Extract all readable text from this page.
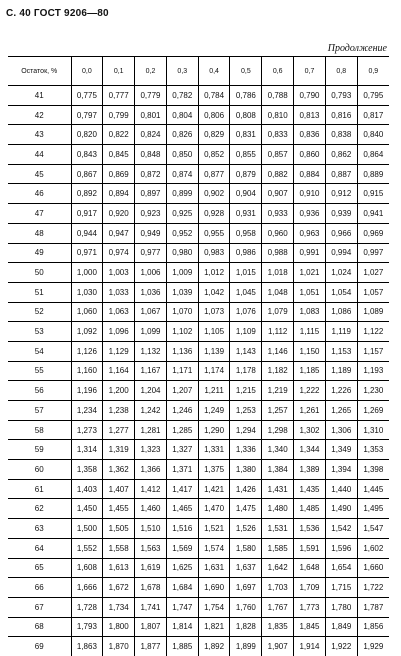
С. 40 ГОСТ 9206—80
Продолжение
Остаток, %	0,0	0,1	0,2	0,3	0,4	0,5	0,6	0,7	0,8	0,9
41	0,775	0,777	0,779	0,782	0,784	0,786	0,788	0,790	0,793	0,795
42	0,797	0,799	0,801	0,804	0,806	0,808	0,810	0,813	0,816	0,817
43	0,820	0,822	0,824	0,826	0,829	0,831	0,833	0,836	0,838	0,840
44	0,843	0,845	0,848	0,850	0,852	0,855	0,857	0,860	0,862	0,864
45	0,867	0,869	0,872	0,874	0,877	0,879	0,882	0,884	0,887	0,889
46	0,892	0,894	0,897	0,899	0,902	0,904	0,907	0,910	0,912	0,915
47	0,917	0,920	0,923	0,925	0,928	0,931	0,933	0,936	0,939	0,941
48	0,944	0,947	0,949	0,952	0,955	0,958	0,960	0,963	0,966	0,969
49	0,971	0,974	0,977	0,980	0,983	0,986	0,988	0,991	0,994	0,997
50	1,000	1,003	1,006	1,009	1,012	1,015	1,018	1,021	1,024	1,027
51	1,030	1,033	1,036	1,039	1,042	1,045	1,048	1,051	1,054	1,057
52	1,060	1,063	1,067	1,070	1,073	1,076	1,079	1,083	1,086	1,089
53	1,092	1,096	1,099	1,102	1,105	1,109	1,112	1,115	1,119	1,122
54	1,126	1,129	1,132	1,136	1,139	1,143	1,146	1,150	1,153	1,157
55	1,160	1,164	1,167	1,171	1,174	1,178	1,182	1,185	1,189	1,193
56	1,196	1,200	1,204	1,207	1,211	1,215	1,219	1,222	1,226	1,230
57	1,234	1,238	1,242	1,246	1,249	1,253	1,257	1,261	1,265	1,269
58	1,273	1,277	1,281	1,285	1,290	1,294	1,298	1,302	1,306	1,310
59	1,314	1,319	1,323	1,327	1,331	1,336	1,340	1,344	1,349	1,353
60	1,358	1,362	1,366	1,371	1,375	1,380	1,384	1,389	1,394	1,398
61	1,403	1,407	1,412	1,417	1,421	1,426	1,431	1,435	1,440	1,445
62	1,450	1,455	1,460	1,465	1,470	1,475	1,480	1,485	1,490	1,495
63	1,500	1,505	1,510	1,516	1,521	1,526	1,531	1,536	1,542	1,547
64	1,552	1,558	1,563	1,569	1,574	1,580	1,585	1,591	1,596	1,602
65	1,608	1,613	1,619	1,625	1,631	1,637	1,642	1,648	1,654	1,660
66	1,666	1,672	1,678	1,684	1,690	1,697	1,703	1,709	1,715	1,722
67	1,728	1,734	1,741	1,747	1,754	1,760	1,767	1,773	1,780	1,787
68	1,793	1,800	1,807	1,814	1,821	1,828	1,835	1,845	1,849	1,856
69	1,863	1,870	1,877	1,885	1,892	1,899	1,907	1,914	1,922	1,929
